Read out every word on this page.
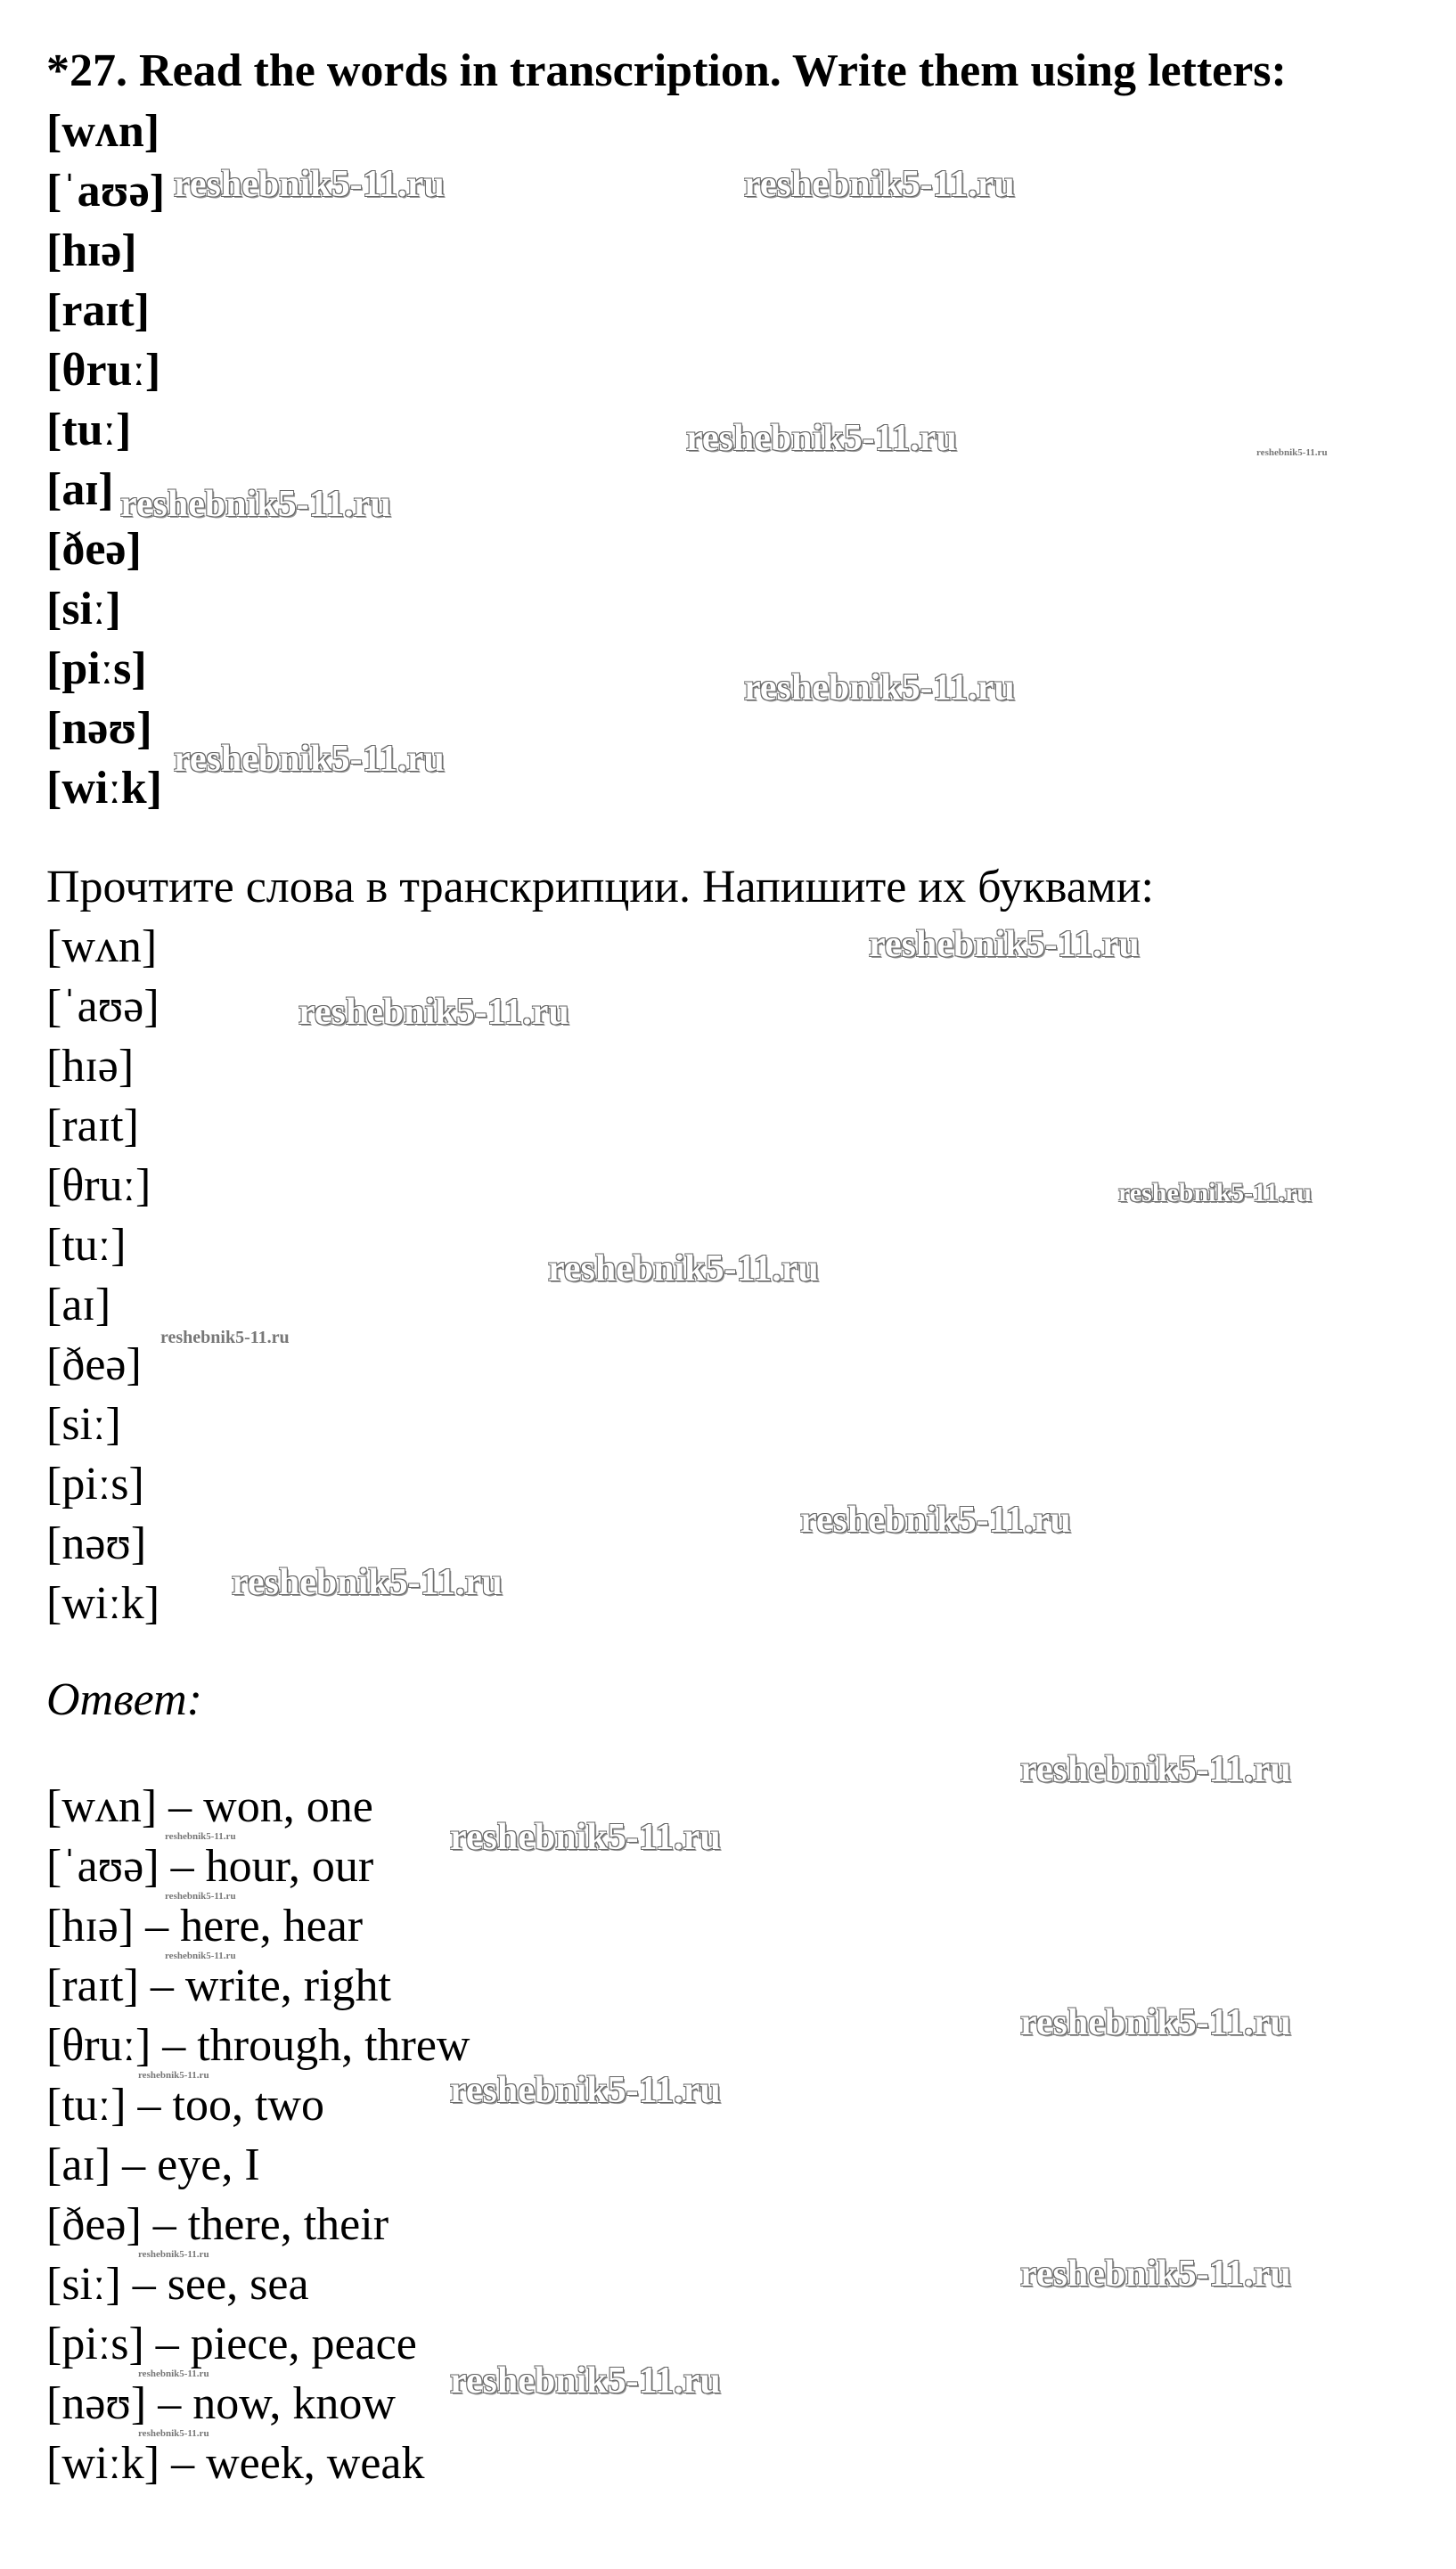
*27. Read the words in transcription. Write them using letters:
[wʌn]
[ˈaʊə]
[hɪə]
[raɪt]
[θruː]
[tuː]
[aɪ]
[ðeə]
[siː]
[piːs]
[nəʊ]
[wiːk]
Прочтите слова в транскрипции. Напишите их буквами:
[wʌn]
[ˈaʊə]
[hɪə]
[raɪt]
[θruː]
[tuː]
[aɪ]
[ðeə]
[siː]
[piːs]
[nəʊ]
[wiːk]
Ответ:
[wʌn] – won, one
[ˈaʊə] – hour, our
[hɪə] – here, hear
[raɪt] – write, right
[θruː] – through, threw
[tuː] – too, two
[aɪ] – eye, I
[ðeə] – there, their
[siː] – see, sea
[piːs] – piece, peace
[nəʊ] – now, know
[wiːk] – week, weak
reshebnik5-11.ru	reshebnik5-11.ru
reshebnik5-11.ru	reshebnik5-11.ru
reshebnik5-11.ru
reshebnik5-11.ru
reshebnik5-11.ru
reshebnik5-11.ru
reshebnik5-11.ru
reshebnik5-11.ru
reshebnik5-11.ru
reshebnik5-11.ru
reshebnik5-11.ru
reshebnik5-11.ru
reshebnik5-11.ru
reshebnik5-11.ru
reshebnik5-11.ru
reshebnik5-11.ru
reshebnik5-11.ru
reshebnik5-11.ru
reshebnik5-11.ru	reshebnik5-11.ru
reshebnik5-11.ru	reshebnik5-11.ru
reshebnik5-11.ru	reshebnik5-11.ru
reshebnik5-11.ru
